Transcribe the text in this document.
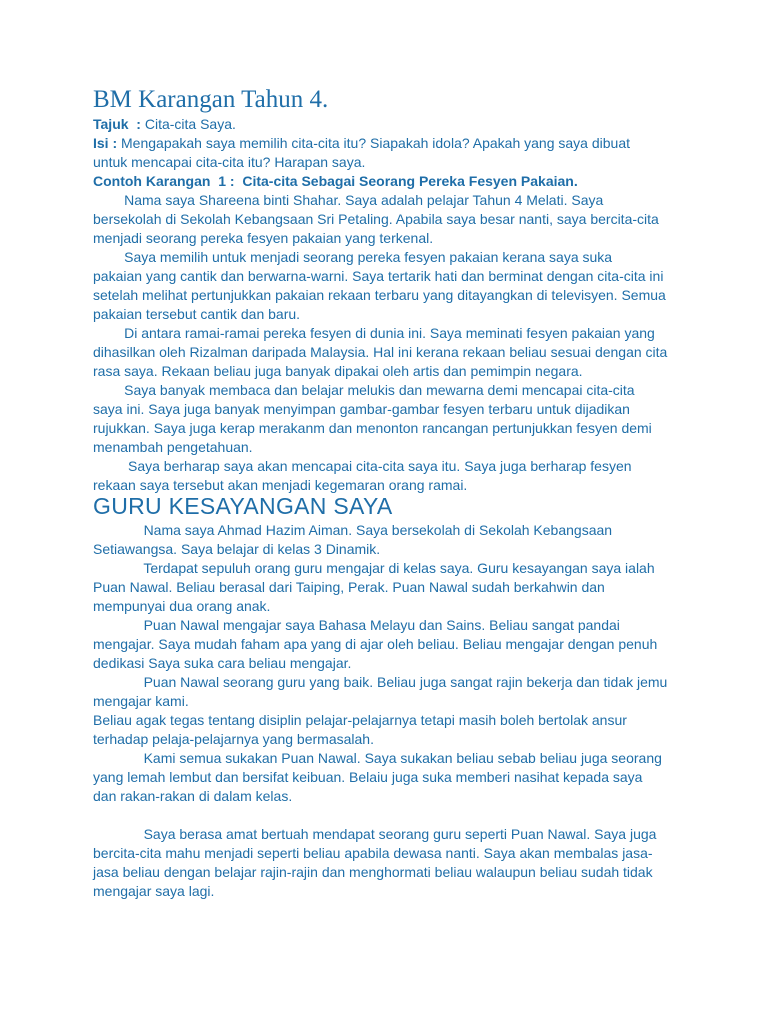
BM Karangan Tahun 4.
Tajuk  : Cita-cita Saya.
Isi : Mengapakah saya memilih cita-cita itu? Siapakah idola? Apakah yang saya dibuat
untuk mencapai cita-cita itu? Harapan saya.
Contoh Karangan  1 :  Cita-cita Sebagai Seorang Pereka Fesyen Pakaian.
Nama saya Shareena binti Shahar. Saya adalah pelajar Tahun 4 Melati. Saya
bersekolah di Sekolah Kebangsaan Sri Petaling. Apabila saya besar nanti, saya bercita-cita
menjadi seorang pereka fesyen pakaian yang terkenal.
Saya memilih untuk menjadi seorang pereka fesyen pakaian kerana saya suka
pakaian yang cantik dan berwarna-warni. Saya tertarik hati dan berminat dengan cita-cita ini
setelah melihat pertunjukkan pakaian rekaan terbaru yang ditayangkan di televisyen. Semua
pakaian tersebut cantik dan baru.
Di antara ramai-ramai pereka fesyen di dunia ini. Saya meminati fesyen pakaian yang
dihasilkan oleh Rizalman daripada Malaysia. Hal ini kerana rekaan beliau sesuai dengan cita
rasa saya. Rekaan beliau juga banyak dipakai oleh artis dan pemimpin negara.
Saya banyak membaca dan belajar melukis dan mewarna demi mencapai cita-cita
saya ini. Saya juga banyak menyimpan gambar-gambar fesyen terbaru untuk dijadikan
rujukkan. Saya juga kerap merakanm dan menonton rancangan pertunjukkan fesyen demi
menambah pengetahuan.
Saya berharap saya akan mencapai cita-cita saya itu. Saya juga berharap fesyen
rekaan saya tersebut akan menjadi kegemaran orang ramai.
GURU KESAYANGAN SAYA
Nama saya Ahmad Hazim Aiman. Saya bersekolah di Sekolah Kebangsaan
Setiawangsa. Saya belajar di kelas 3 Dinamik.
Terdapat sepuluh orang guru mengajar di kelas saya. Guru kesayangan saya ialah
Puan Nawal. Beliau berasal dari Taiping, Perak. Puan Nawal sudah berkahwin dan
mempunyai dua orang anak.
Puan Nawal mengajar saya Bahasa Melayu dan Sains. Beliau sangat pandai
mengajar. Saya mudah faham apa yang di ajar oleh beliau. Beliau mengajar dengan penuh
dedikasi Saya suka cara beliau mengajar.
Puan Nawal seorang guru yang baik. Beliau juga sangat rajin bekerja dan tidak jemu
mengajar kami.
Beliau agak tegas tentang disiplin pelajar-pelajarnya tetapi masih boleh bertolak ansur
terhadap pelaja-pelajarnya yang bermasalah.
Kami semua sukakan Puan Nawal. Saya sukakan beliau sebab beliau juga seorang
yang lemah lembut dan bersifat keibuan. Belaiu juga suka memberi nasihat kepada saya
dan rakan-rakan di dalam kelas.

Saya berasa amat bertuah mendapat seorang guru seperti Puan Nawal. Saya juga
bercita-cita mahu menjadi seperti beliau apabila dewasa nanti. Saya akan membalas jasa-
jasa beliau dengan belajar rajin-rajin dan menghormati beliau walaupun beliau sudah tidak
mengajar saya lagi.
